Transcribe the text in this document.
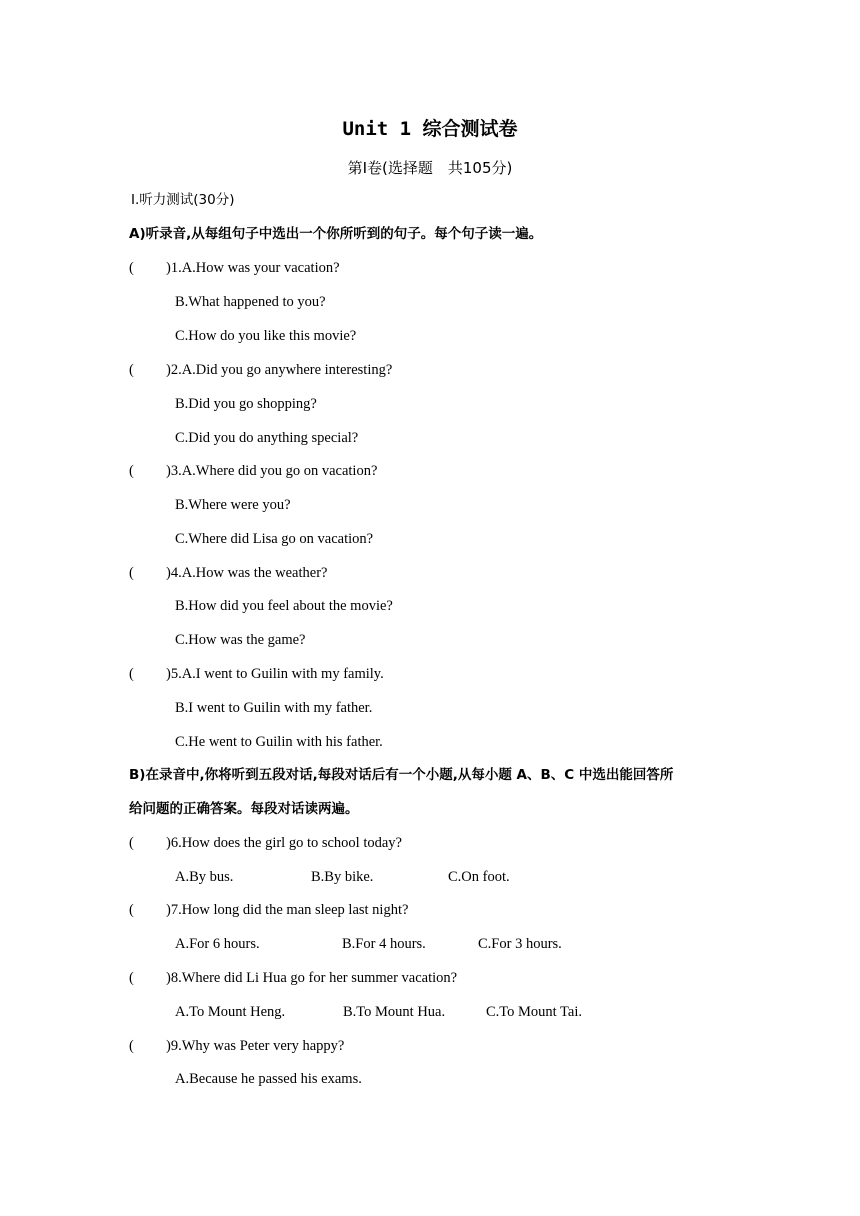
Unit 1 综合测试卷
第Ⅰ卷(选择题　共105分)
Ⅰ.听力测试(30分)
A)听录音,从每组句子中选出一个你所听到的句子。每个句子读一遍。
( )1.A.How was your vacation?
B.What happened to you?
C.How do you like this movie?
( )2.A.Did you go anywhere interesting?
B.Did you go shopping?
C.Did you do anything special?
( )3.A.Where did you go on vacation?
B.Where were you?
C.Where did Lisa go on vacation?
( )4.A.How was the weather?
B.How did you feel about the movie?
C.How was the game?
( )5.A.I went to Guilin with my family.
B.I went to Guilin with my father.
C.He went to Guilin with his father.
B)在录音中,你将听到五段对话,每段对话后有一个小题,从每小题 A、B、C 中选出能回答所
给问题的正确答案。每段对话读两遍。
( )6.How does the girl go to school today?
A.By bus.	B.By bike.	C.On foot.
( )7.How long did the man sleep last night?
A.For 6 hours.	B.For 4 hours.	C.For 3 hours.
( )8.Where did Li Hua go for her summer vacation?
A.To Mount Heng.	B.To Mount Hua.	C.To Mount Tai.
( )9.Why was Peter very happy?
A.Because he passed his exams.
